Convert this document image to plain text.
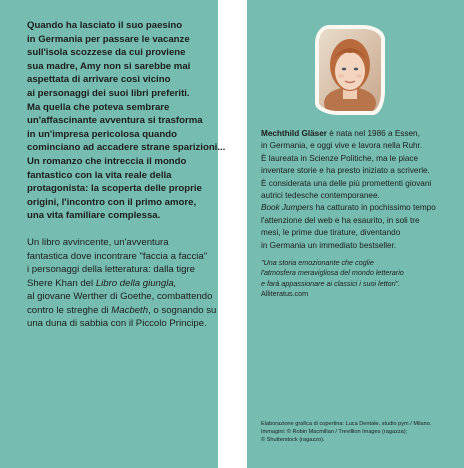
Quando ha lasciato il suo paesino
in Germania per passare le vacanze
sull'isola scozzese da cui proviene
sua madre, Amy non si sarebbe mai
aspettata di arrivare così vicino
ai personaggi dei suoi libri preferiti.
Ma quella che poteva sembrare
un'affascinante avventura si trasforma
in un'impresa pericolosa quando
cominciano ad accadere strane sparizioni...
Un romanzo che intreccia il mondo
fantastico con la vita reale della
protagonista: la scoperta delle proprie
origini, l'incontro con il primo amore,
una vita familiare complessa.
Un libro avvincente, un'avventura
fantastica dove incontrare "faccia a faccia"
i personaggi della letteratura: dalla tigre
Shere Khan del Libro della giungla,
al giovane Werther di Goethe, combattendo
contro le streghe di Macbeth, o sognando su
una duna di sabbia con il Piccolo Principe.
Mechthild Gläser è nata nel 1986 a Essen,
in Germania, e oggi vive e lavora nella Ruhr.
È laureata in Scienze Politiche, ma le piace
inventare storie e ha presto iniziato a scriverle.
È considerata una delle più promettenti giovani
autrici tedesche contemporanee.
Book Jumpers ha catturato in pochissimo tempo
l'attenzione del web e ha esaurito, in soli tre
mesi, le prime due tirature, diventando
in Germania un immediato bestseller.
"Una storia emozionante che coglie
l'atmosfera meravigliosa del mondo letterario
e farà appassionare ai classici i suoi lettori".
Alliteratus.com
Elaborazione grafica di copertina: Luca Dentale, studio pym / Milano.
Immagini: © Robin Macmillan / Trevillion Images (ragazza);
© Shutterstock (ragazzo).
